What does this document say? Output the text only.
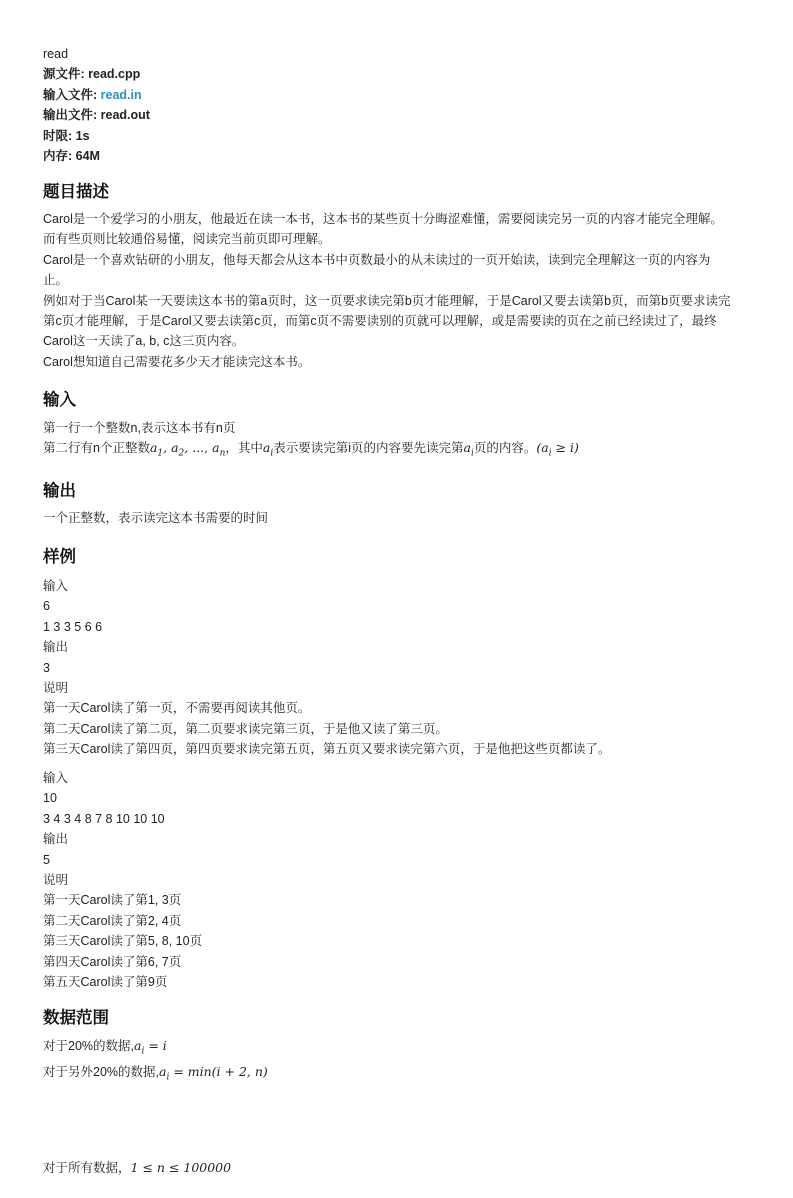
read
源文件: read.cpp
输入文件: read.in
输出文件: read.out
时限: 1s
内存: 64M
题目描述

Carol是一个爱学习的小朋友，他最近在读一本书，这本书的某些页十分晦涩难懂，需要阅读完另一页的内容才能完全理解。

而有些页则比较通俗易懂，阅读完当前页即可理解。

Carol是一个喜欢钻研的小朋友，他每天都会从这本书中页数最小的从未读过的一页开始读，读到完全理解这一页的内容为

止。

例如对于当Carol某一天要读这本书的第a页时，这一页要求读完第b页才能理解，于是Carol又要去读第b页，而第b页要求读完

第c页才能理解，于是Carol又要去读第c页，而第c页不需要读别的页就可以理解，或是需要读的页在之前已经读过了，最终

Carol这一天读了a, b, c这三页内容。

Carol想知道自己需要花多少天才能读完这本书。

输入

第一行一个整数n,表示这本书有n页

第二行有n个正整数$a_1$, $a_2$, ..., $a_n$，其中$a_i$表示要读完第i页的内容要先读完第$a_i$页的内容。$(a_i \ge i)$

输出

一个正整数，表示读完这本书需要的时间

样例

输入

6

1 3 3 5 6 6

输出

3

说明

第一天Carol读了第一页，不需要再阅读其他页。

第二天Carol读了第二页，第二页要求读完第三页，于是他又读了第三页。

第三天Carol读了第四页，第四页要求读完第五页，第五页又要求读完第六页，于是他把这些页都读了。

输入

10

3 4 3 4 8 7 8 10 10 10

输出

5

说明

第一天Carol读了第1, 3页

第二天Carol读了第2, 4页

第三天Carol读了第5, 8, 10页

第四天Carol读了第6, 7页

第五天Carol读了第9页

数据范围

对于20%的数据$,a_i = i$

对于另外20%的数据$,a_i = \min(i + 2$, n)

对于所有数据，1 ≤ n ≤ 100000
